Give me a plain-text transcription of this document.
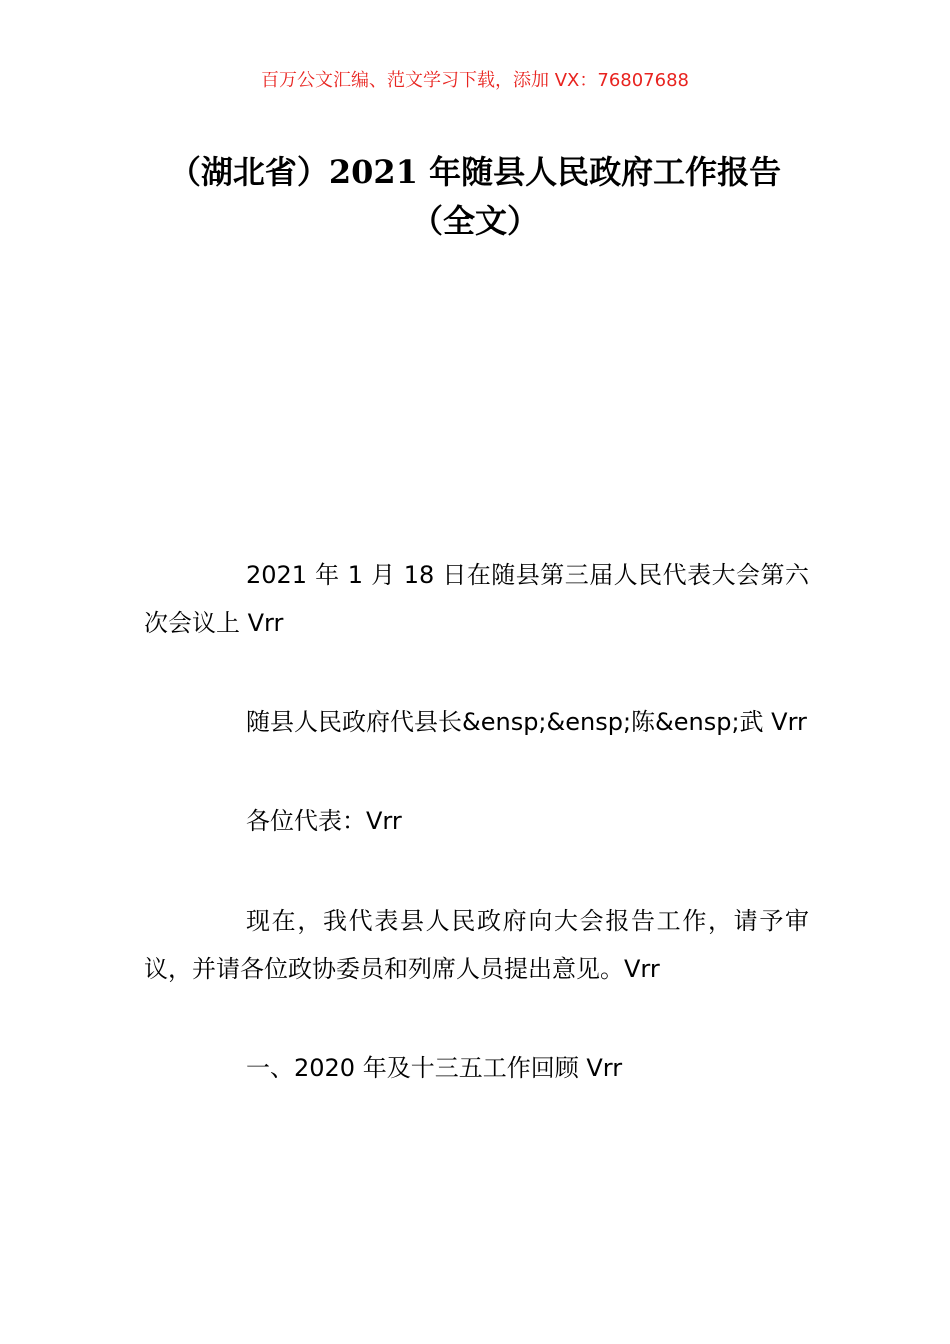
百万公文汇编、范文学习下载，添加 VX：76807688
（湖北省）2021 年随县人民政府工作报告（全文）

2021 年 1 月 18 日在随县第三届人民代表大会第六次会议上 Vrr

随县人民政府代县长&ensp;&ensp;陈&ensp;武 Vrr

各位代表：Vrr

现在，我代表县人民政府向大会报告工作，请予审议，并请各位政协委员和列席人员提出意见。Vrr

一、2020 年及十三五工作回顾 Vrr
